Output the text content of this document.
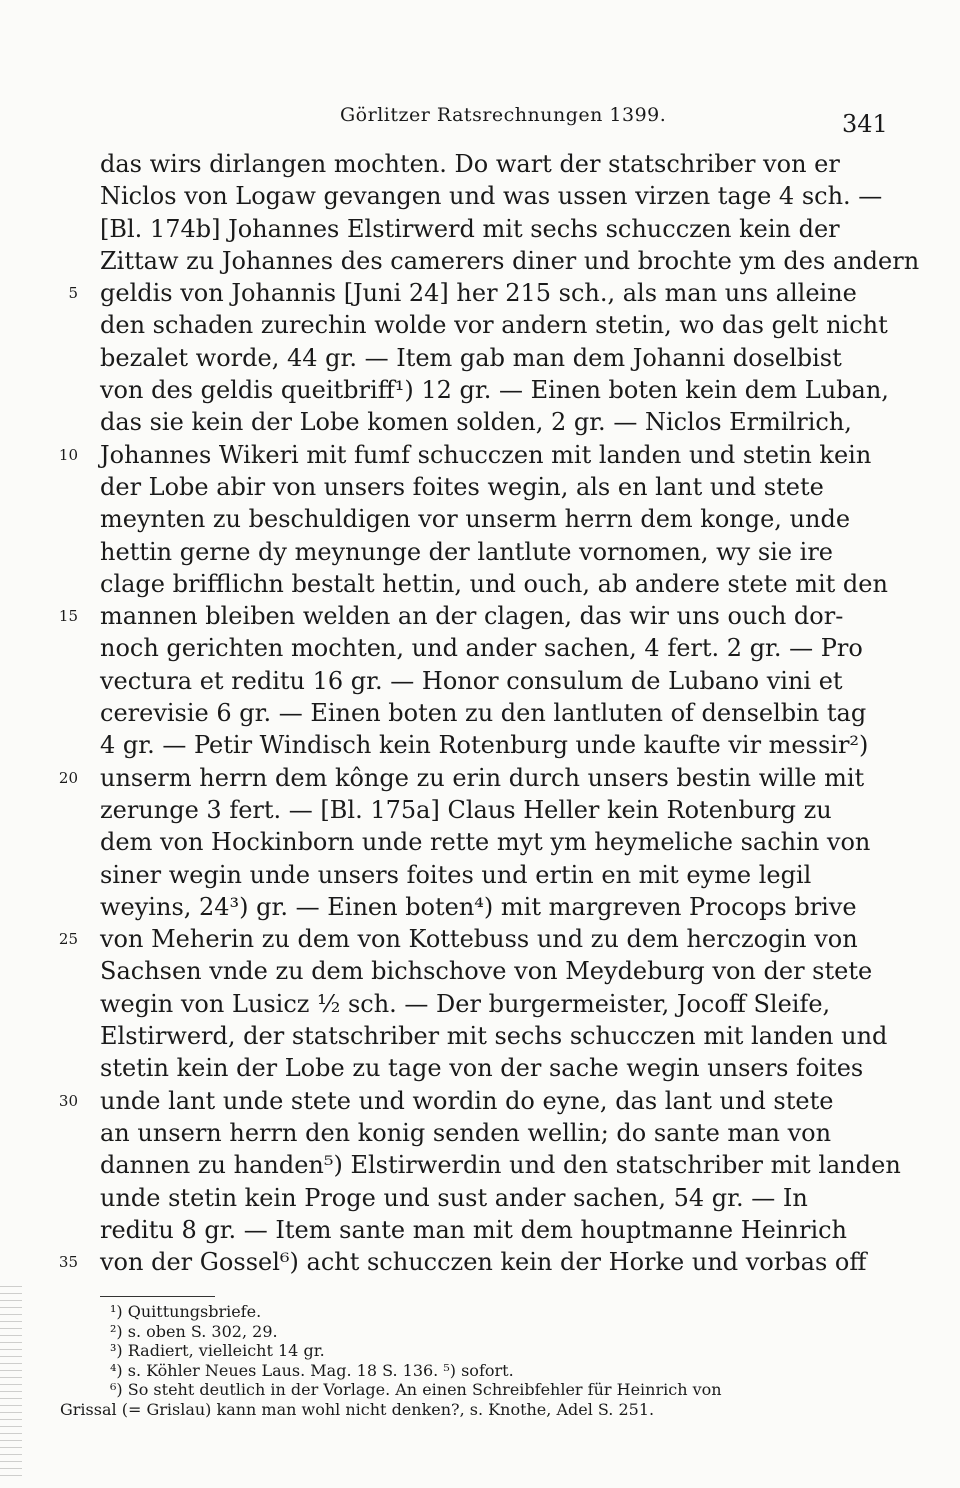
Görlitzer Ratsrechnungen 1399.	341
das wirs dirlangen mochten. Do wart der statschriber von er
Niclos von Logaw gevangen und was ussen virzen tage 4 sch. —
[Bl. 174b] Johannes Elstirwerd mit sechs schucczen kein der
Zittaw zu Johannes des camerers diner und brochte ym des andern
5 geldis von Johannis [Juni 24] her 215 sch., als man uns alleine
den schaden zurechin wolde vor andern stetin, wo das gelt nicht
bezalet worde, 44 gr. — Item gab man dem Johanni doselbist
von des geldis queitbriff¹) 12 gr. — Einen boten kein dem Luban,
das sie kein der Lobe komen solden, 2 gr. — Niclos Ermilrich,
10 Johannes Wikeri mit fumf schucczen mit landen und stetin kein
der Lobe abir von unsers foites wegin, als en lant und stete
meynten zu beschuldigen vor unserm herrn dem konge, unde
hettin gerne dy meynunge der lantlute vornomen, wy sie ire
clage brifflichn bestalt hettin, und ouch, ab andere stete mit den
15 mannen bleiben welden an der clagen, das wir uns ouch dor-
noch gerichten mochten, und ander sachen, 4 fert. 2 gr. — Pro
vectura et reditu 16 gr. — Honor consulum de Lubano vini et
cerevisie 6 gr. — Einen boten zu den lantluten of denselbin tag
4 gr. — Petir Windisch kein Rotenburg unde kaufte vir messir²)
20 unserm herrn dem kônge zu erin durch unsers bestin wille mit
zerunge 3 fert. — [Bl. 175a] Claus Heller kein Rotenburg zu
dem von Hockinborn unde rette myt ym heymeliche sachin von
siner wegin unde unsers foites und ertin en mit eyme legil
weyins, 24³) gr. — Einen boten⁴) mit margreven Procops brive
25 von Meherin zu dem von Kottebuss und zu dem herczogin von
Sachsen vnde zu dem bichschove von Meydeburg von der stete
wegin von Lusicz ½ sch. — Der burgermeister, Jocoff Sleife,
Elstirwerd, der statschriber mit sechs schucczen mit landen und
stetin kein der Lobe zu tage von der sache wegin unsers foites
30 unde lant unde stete und wordin do eyne, das lant und stete
an unsern herrn den konig senden wellin; do sante man von
dannen zu handen⁵) Elstirwerdin und den statschriber mit landen
unde stetin kein Proge und sust ander sachen, 54 gr. — In
reditu 8 gr. — Item sante man mit dem houptmanne Heinrich
35 von der Gossel⁶) acht schucczen kein der Horke und vorbas off
¹) Quittungsbriefe.
²) s. oben S. 302, 29.
³) Radiert, vielleicht 14 gr.
⁴) s. Köhler Neues Laus. Mag. 18 S. 136. ⁵) sofort.
⁶) So steht deutlich in der Vorlage. An einen Schreibfehler für Heinrich von
Grissal (= Grislau) kann man wohl nicht denken?, s. Knothe, Adel S. 251.
